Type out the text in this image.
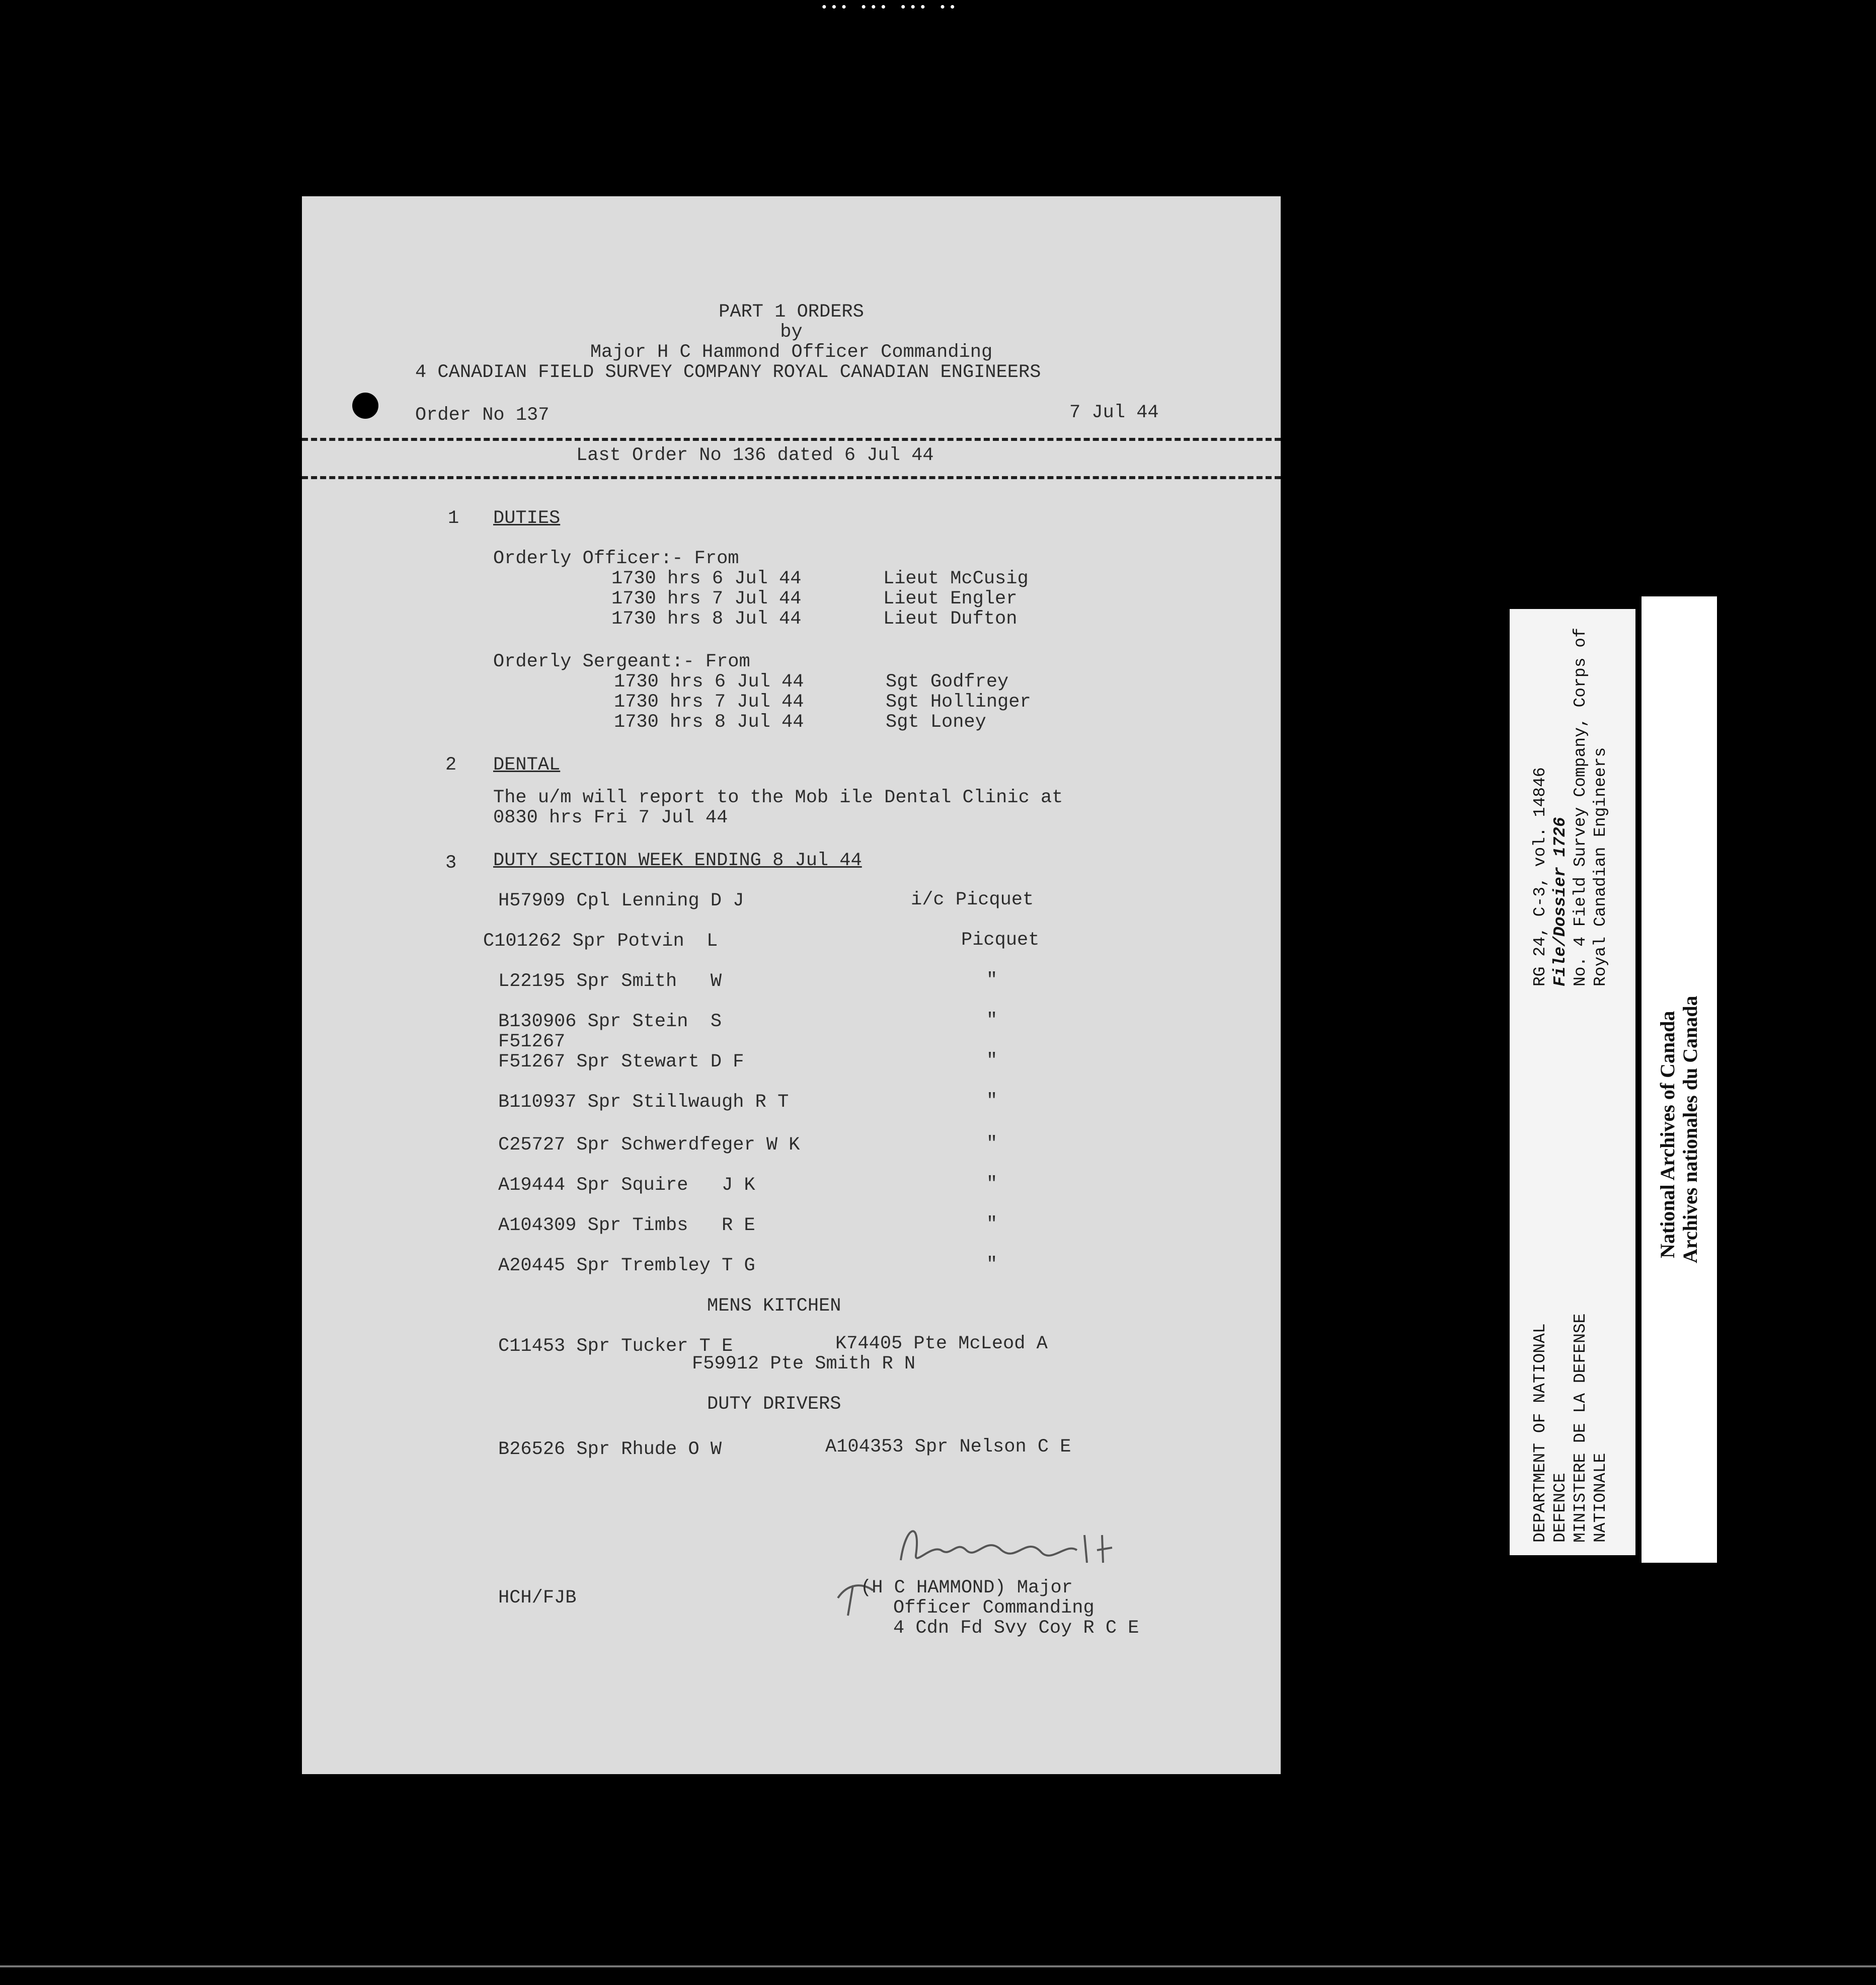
••• ••• ••• ••
PART 1 ORDERS
by
Major H C Hammond Officer Commanding
4 CANADIAN FIELD SURVEY COMPANY ROYAL CANADIAN ENGINEERS
Order No 137	7 Jul 44
Last Order No 136 dated 6 Jul 44
1 DUTIES
Orderly Officer:- From
1730 hrs 6 Jul 44	Lieut McCusig
1730 hrs 7 Jul 44	Lieut Engler
1730 hrs 8 Jul 44	Lieut Dufton
Orderly Sergeant:- From
1730 hrs 6 Jul 44	Sgt Godfrey
1730 hrs 7 Jul 44	Sgt Hollinger
1730 hrs 8 Jul 44	Sgt Loney
2 DENTAL
The u/m will report to the Mob ile Dental Clinic at
0830 hrs Fri 7 Jul 44
3 DUTY SECTION WEEK ENDING 8 Jul 44
H57909 Cpl Lenning D J	i/c Picquet
C101262 Spr Potvin  L	Picquet
L22195 Spr Smith   W	"
B130906 Spr Stein  S	"
F51267
F51267 Spr Stewart D F	"
B110937 Spr Stillwaugh R T	"
C25727 Spr Schwerdfeger W K	"
A19444 Spr Squire   J K	"
A104309 Spr Timbs   R E	"
A20445 Spr Trembley T G	"
MENS KITCHEN
C11453 Spr Tucker T E	K74405 Pte McLeod A
F59912 Pte Smith R N
DUTY DRIVERS
B26526 Spr Rhude O W	A104353 Spr Nelson C E
HCH/FJB	(H C HAMMOND) Major
Officer Commanding
4 Cdn Fd Svy Coy R C E
DEPARTMENT OF NATIONAL DEFENCE MINISTERE DE LA DEFENSE NATIONALE
RG 24, C-3, vol. 14846 File/Dossier 1726 No. 4 Field Survey Company, Corps of Royal Canadian Engineers
National Archives of Canada Archives nationales du Canada
